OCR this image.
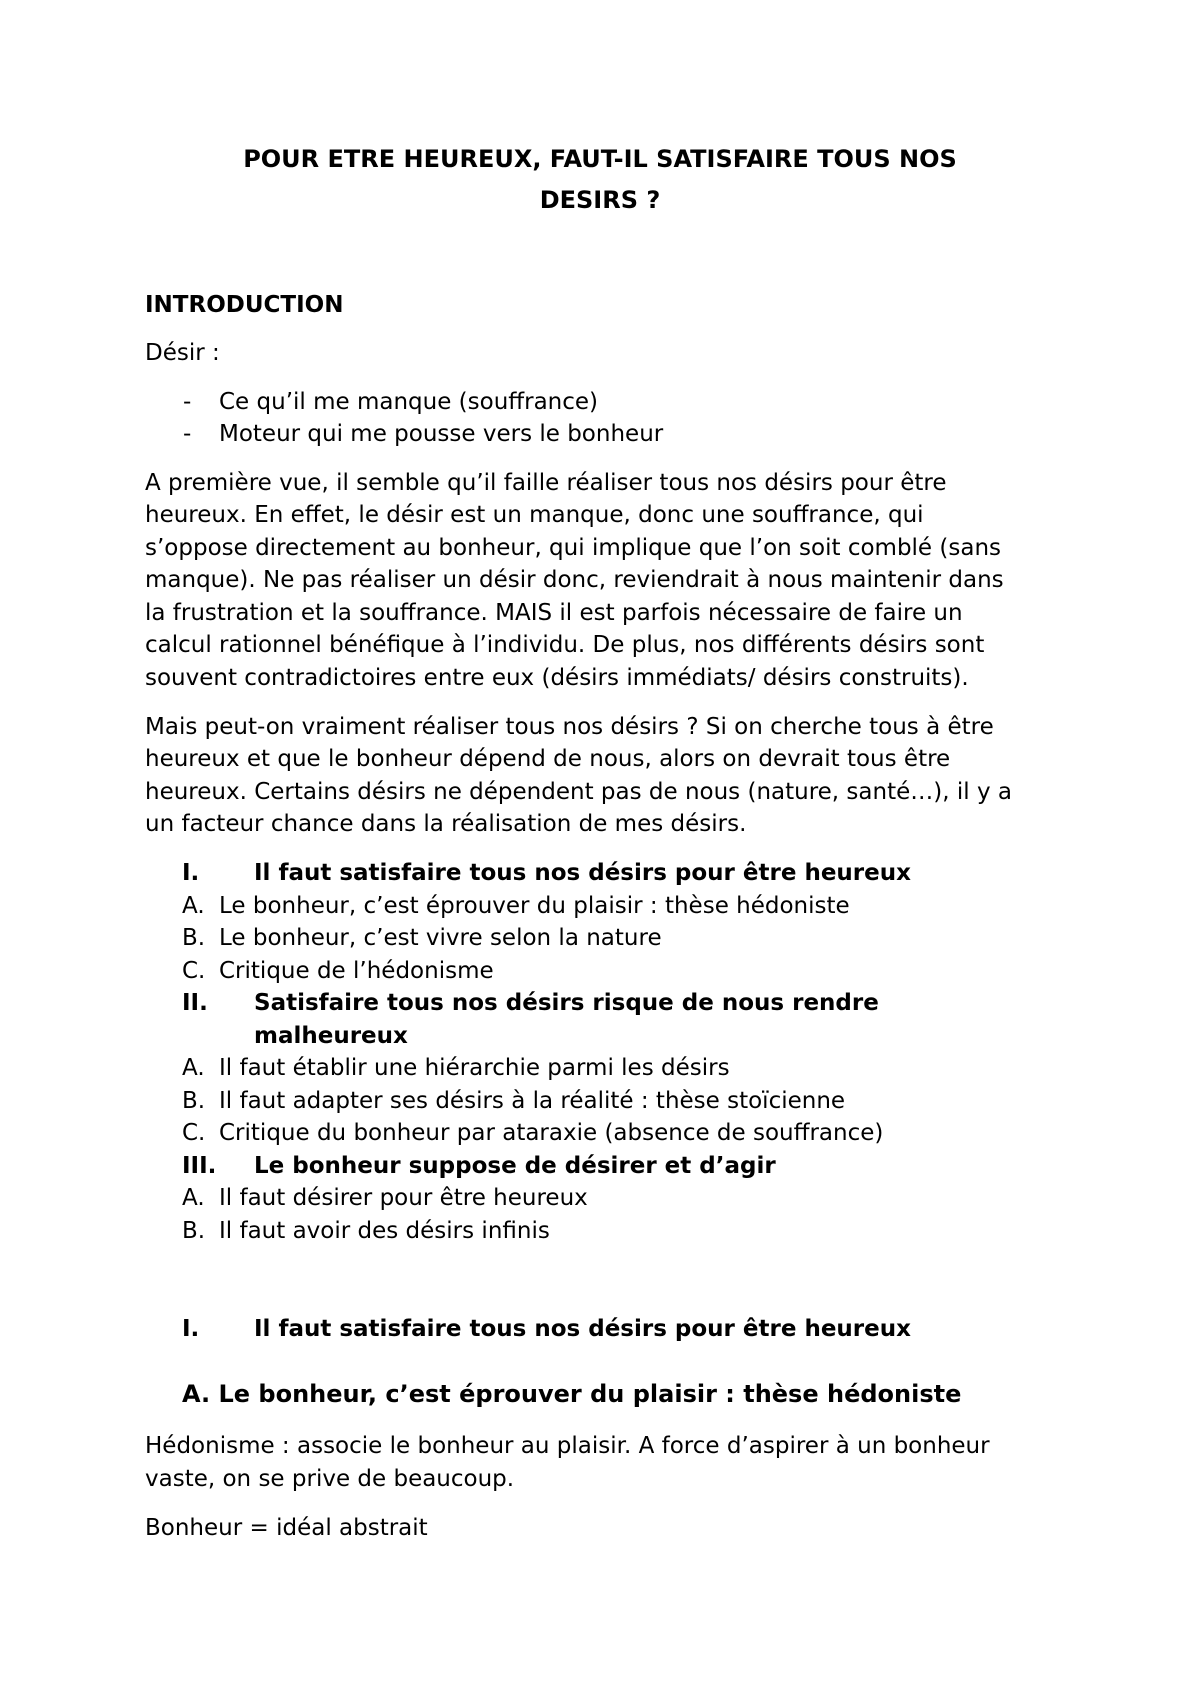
POUR ETRE HEUREUX, FAUT-IL SATISFAIRE TOUS NOS
DESIRS ?
INTRODUCTION
Désir :
- Ce qu’il me manque (souffrance)
- Moteur qui me pousse vers le bonheur
A première vue, il semble qu’il faille réaliser tous nos désirs pour être
heureux. En effet, le désir est un manque, donc une souffrance, qui
s’oppose directement au bonheur, qui implique que l’on soit comblé (sans
manque). Ne pas réaliser un désir donc, reviendrait à nous maintenir dans
la frustration et la souffrance. MAIS il est parfois nécessaire de faire un
calcul rationnel bénéfique à l’individu. De plus, nos différents désirs sont
souvent contradictoires entre eux (désirs immédiats/ désirs construits).
Mais peut-on vraiment réaliser tous nos désirs ? Si on cherche tous à être
heureux et que le bonheur dépend de nous, alors on devrait tous être
heureux. Certains désirs ne dépendent pas de nous (nature, santé…), il y a
un facteur chance dans la réalisation de mes désirs.
I. Il faut satisfaire tous nos désirs pour être heureux
A. Le bonheur, c’est éprouver du plaisir : thèse hédoniste
B. Le bonheur, c’est vivre selon la nature
C. Critique de l’hédonisme
II. Satisfaire tous nos désirs risque de nous rendre
malheureux
A. Il faut établir une hiérarchie parmi les désirs
B. Il faut adapter ses désirs à la réalité : thèse stoïcienne
C. Critique du bonheur par ataraxie (absence de souffrance)
III. Le bonheur suppose de désirer et d’agir
A. Il faut désirer pour être heureux
B. Il faut avoir des désirs infinis
I. Il faut satisfaire tous nos désirs pour être heureux
A. Le bonheur, c’est éprouver du plaisir : thèse hédoniste
Hédonisme : associe le bonheur au plaisir. A force d’aspirer à un bonheur
vaste, on se prive de beaucoup.
Bonheur = idéal abstrait
